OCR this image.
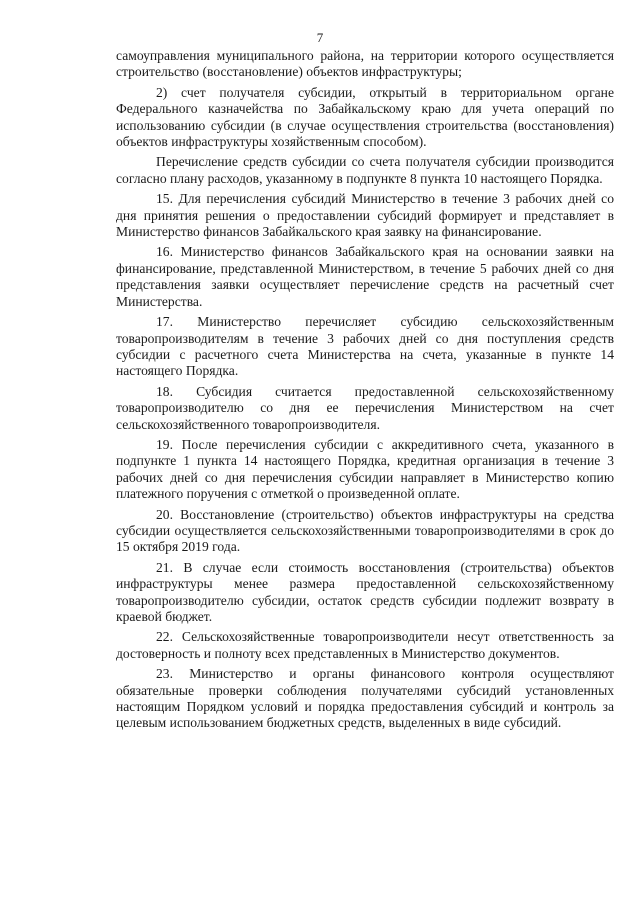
7

самоуправления муниципального района, на территории которого осуществляется строительство (восстановление) объектов инфраструктуры;

2) счет получателя субсидии, открытый в территориальном органе Федерального казначейства по Забайкальскому краю для учета операций по использованию субсидии (в случае осуществления строительства (восстановления) объектов инфраструктуры хозяйственным способом).

Перечисление средств субсидии со счета получателя субсидии производится согласно плану расходов, указанному в подпункте 8 пункта 10 настоящего Порядка.

15. Для перечисления субсидий Министерство в течение 3 рабочих дней со дня принятия решения о предоставлении субсидий формирует и представляет в Министерство финансов Забайкальского края заявку на финансирование.

16. Министерство финансов Забайкальского края на основании заявки на финансирование, представленной Министерством, в течение 5 рабочих дней со дня представления заявки осуществляет перечисление средств на расчетный счет Министерства.

17. Министерство перечисляет субсидию сельскохозяйственным товаропроизводителям в течение 3 рабочих дней со дня поступления средств субсидии с расчетного счета Министерства на счета, указанные в пункте 14 настоящего Порядка.

18. Субсидия считается предоставленной сельскохозяйственному товаропроизводителю со дня ее перечисления Министерством на счет сельскохозяйственного товаропроизводителя.

19. После перечисления субсидии с аккредитивного счета, указанного в подпункте 1 пункта 14 настоящего Порядка, кредитная организация в течение 3 рабочих дней со дня перечисления субсидии направляет в Министерство копию платежного поручения с отметкой о произведенной оплате.

20. Восстановление (строительство) объектов инфраструктуры на средства субсидии осуществляется сельскохозяйственными товаропроизводителями в срок до 15 октября 2019 года.

21. В случае если стоимость восстановления (строительства) объектов инфраструктуры менее размера предоставленной сельскохозяйственному товаропроизводителю субсидии, остаток средств субсидии подлежит возврату в краевой бюджет.

22. Сельскохозяйственные товаропроизводители несут ответственность за достоверность и полноту всех представленных в Министерство документов.

23. Министерство и органы финансового контроля осуществляют обязательные проверки соблюдения получателями субсидий установленных настоящим Порядком условий и порядка предоставления субсидий и контроль за целевым использованием бюджетных средств, выделенных в виде субсидий.
